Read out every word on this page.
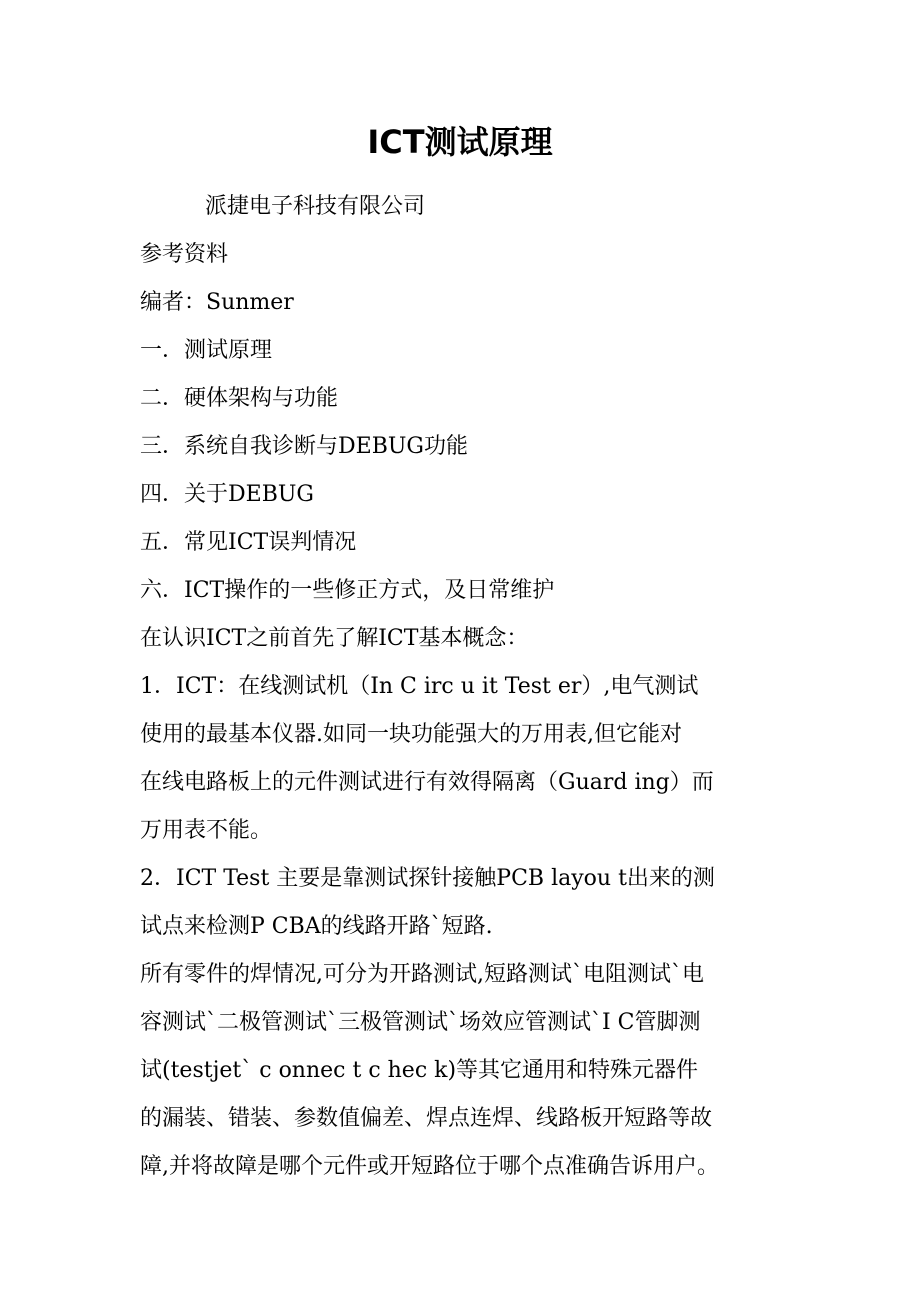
ICT测试原理
派捷电子科技有限公司
参考资料
编者：Sunmer
一．测试原理
二．硬体架构与功能
三．系统自我诊断与DEBUG功能
四．关于DEBUG
五．常见ICT误判情况
六．ICT操作的一些修正方式，及日常维护
在认识ICT之前首先了解ICT基本概念：
1．ICT：在线测试机（In C irc u it Test er）,电气测试
使用的最基本仪器.如同一块功能强大的万用表,但它能对
在线电路板上的元件测试进行有效得隔离（Guard ing）而
万用表不能。
2．ICT Test 主要是靠测试探针接触PCB layou t出来的测
试点来检测P CBA的线路开路`短路.
所有零件的焊情况,可分为开路测试,短路测试`电阻测试`电
容测试`二极管测试`三极管测试`场效应管测试`I C管脚测
试(testjet` c onnec t c hec k)等其它通用和特殊元器件
的漏装、错装、参数值偏差、焊点连焊、线路板开短路等故
障,并将故障是哪个元件或开短路位于哪个点准确告诉用户。
